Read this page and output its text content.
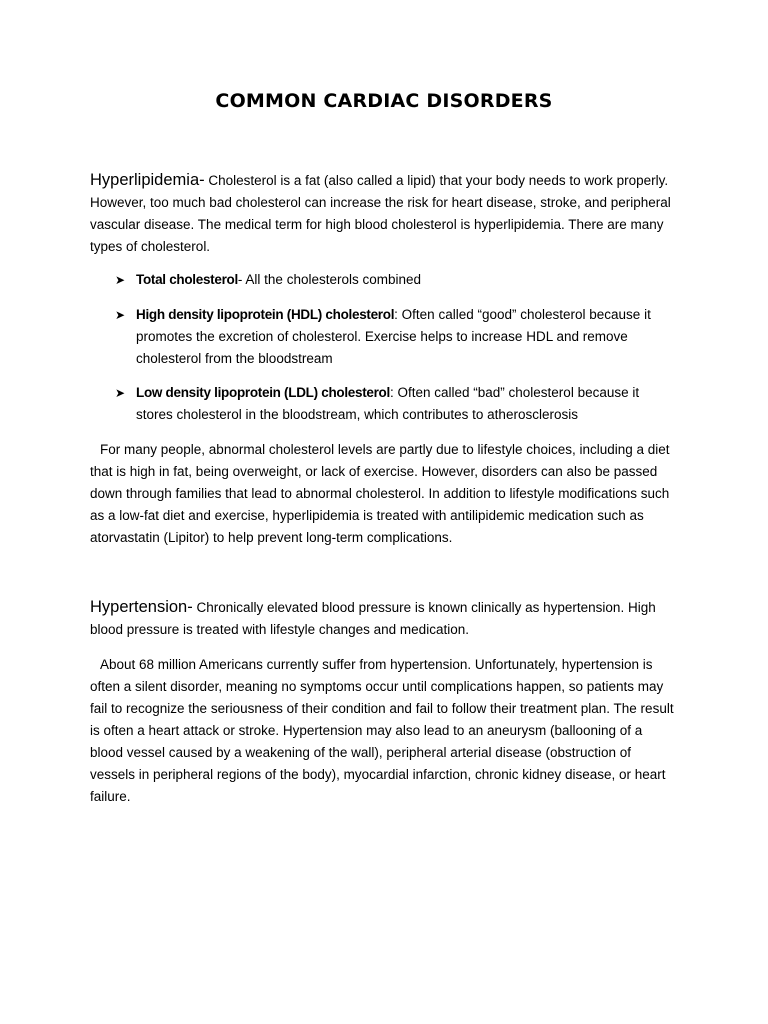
COMMON CARDIAC DISORDERS

Hyperlipidemia- Cholesterol is a fat (also called a lipid) that your body needs to work properly. However, too much bad cholesterol can increase the risk for heart disease, stroke, and peripheral vascular disease. The medical term for high blood cholesterol is hyperlipidemia. There are many types of cholesterol.

➤ Total cholesterol- All the cholesterols combined
➤ High density lipoprotein (HDL) cholesterol: Often called “good” cholesterol because it promotes the excretion of cholesterol. Exercise helps to increase HDL and remove cholesterol from the bloodstream
➤ Low density lipoprotein (LDL) cholesterol: Often called “bad” cholesterol because it stores cholesterol in the bloodstream, which contributes to atherosclerosis

For many people, abnormal cholesterol levels are partly due to lifestyle choices, including a diet that is high in fat, being overweight, or lack of exercise. However, disorders can also be passed down through families that lead to abnormal cholesterol. In addition to lifestyle modifications such as a low-fat diet and exercise, hyperlipidemia is treated with antilipidemic medication such as atorvastatin (Lipitor) to help prevent long-term complications.

Hypertension- Chronically elevated blood pressure is known clinically as hypertension. High blood pressure is treated with lifestyle changes and medication.

About 68 million Americans currently suffer from hypertension. Unfortunately, hypertension is often a silent disorder, meaning no symptoms occur until complications happen, so patients may fail to recognize the seriousness of their condition and fail to follow their treatment plan. The result is often a heart attack or stroke. Hypertension may also lead to an aneurysm (ballooning of a blood vessel caused by a weakening of the wall), peripheral arterial disease (obstruction of vessels in peripheral regions of the body), myocardial infarction, chronic kidney disease, or heart failure.
